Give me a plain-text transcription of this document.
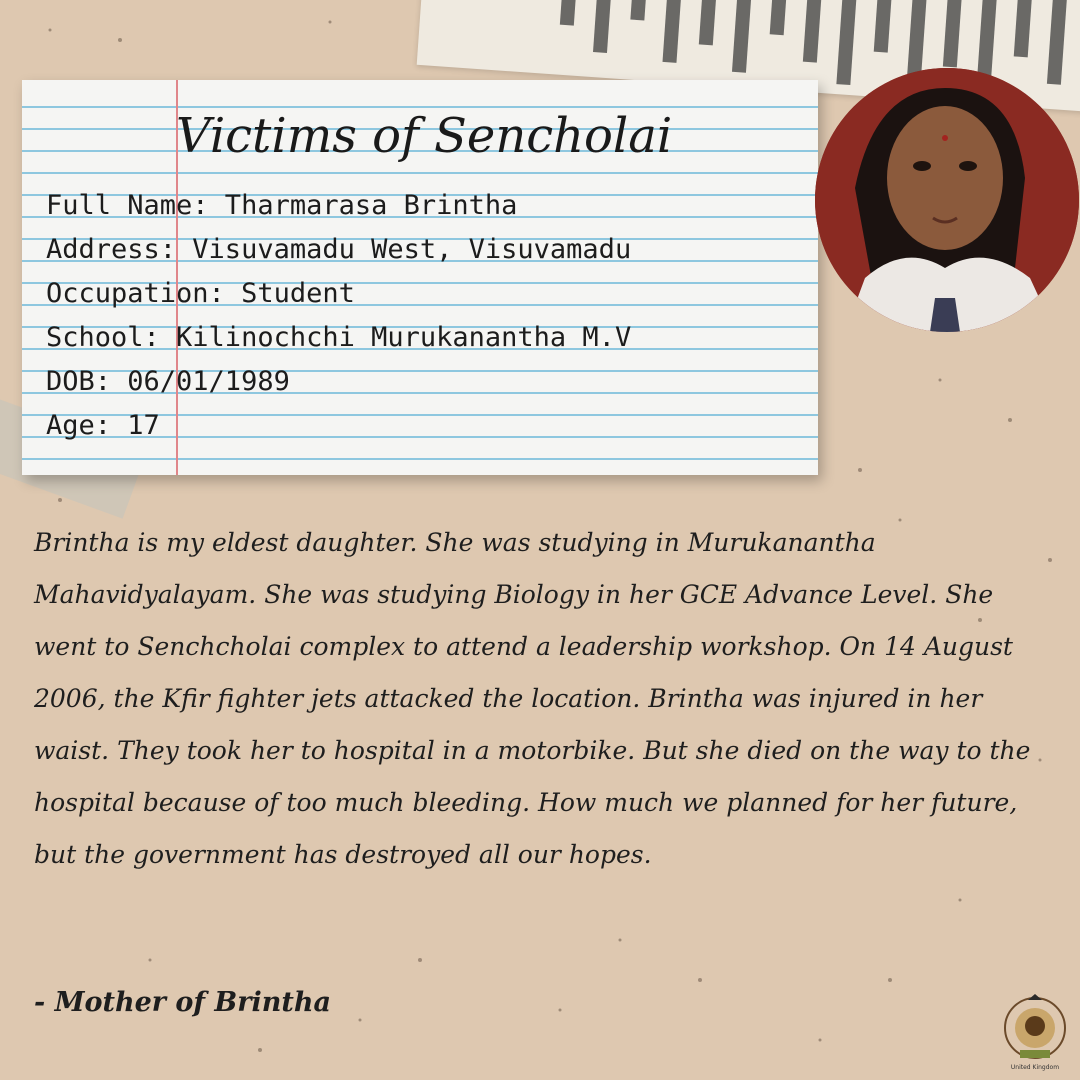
Victims of Sencholai
Full Name: Tharmarasa Brintha
Address: Visuvamadu West, Visuvamadu
Occupation: Student
School: Kilinochchi Murukanantha M.V
DOB: 06/01/1989
Age: 17
Brintha is my eldest daughter. She was studying in Murukanantha Mahavidyalayam. She was studying Biology in her GCE Advance Level. She went to Senchcholai complex to attend a leadership workshop. On 14 August 2006, the Kfir fighter jets attacked the location. Brintha was injured in her waist. They took her to hospital in a motorbike. But she died on the way to the hospital because of too much bleeding. How much we planned for her future, but the government has destroyed all our hopes.
- Mother of Brintha
United Kingdom
